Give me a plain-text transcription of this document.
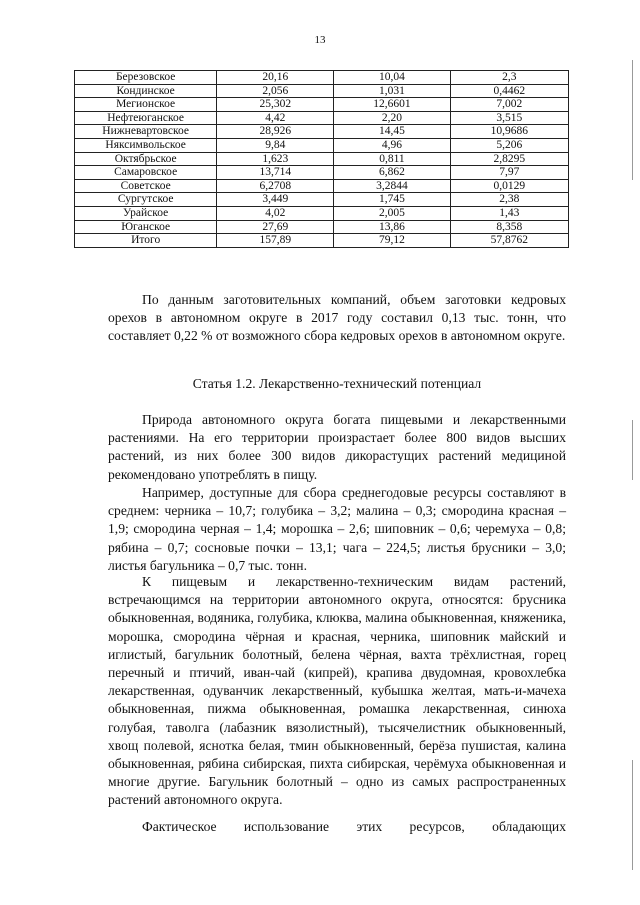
13
Березовское	20,16	10,04	2,3
Кондинское	2,056	1,031	0,4462
Мегионское	25,302	12,6601	7,002
Нефтеюганское	4,42	2,20	3,515
Нижневартовское	28,926	14,45	10,9686
Няксимвольское	9,84	4,96	5,206
Октябрьское	1,623	0,811	2,8295
Самаровское	13,714	6,862	7,97
Советское	6,2708	3,2844	0,0129
Сургутское	3,449	1,745	2,38
Урайское	4,02	2,005	1,43
Юганское	27,69	13,86	8,358
Итого	157,89	79,12	57,8762

По данным заготовительных компаний, объем заготовки кедровых орехов в автономном округе в 2017 году составил 0,13 тыс. тонн, что составляет 0,22 % от возможного сбора кедровых орехов в автономном округе.

Статья 1.2. Лекарственно-технический потенциал

Природа автономного округа богата пищевыми и лекарственными растениями. На его территории произрастает более 800 видов высших растений, из них более 300 видов дикорастущих растений медициной рекомендовано употреблять в пищу.

Например, доступные для сбора среднегодовые ресурсы составляют в среднем: черника – 10,7; голубика – 3,2; малина – 0,3; смородина красная – 1,9; смородина черная – 1,4; морошка – 2,6; шиповник – 0,6; черемуха – 0,8; рябина – 0,7; сосновые почки – 13,1; чага – 224,5; листья брусники – 3,0; листья багульника – 0,7 тыс. тонн.

К пищевым и лекарственно-техническим видам растений, встречающимся на территории автономного округа, относятся: брусника обыкновенная, водяника, голубика, клюква, малина обыкновенная, княженика, морошка, смородина чёрная и красная, черника, шиповник майский и иглистый, багульник болотный, белена чёрная, вахта трёхлистная, горец перечный и птичий, иван-чай (кипрей), крапива двудомная, кровохлебка лекарственная, одуванчик лекарственный, кубышка желтая, мать-и-мачеха обыкновенная, пижма обыкновенная, ромашка лекарственная, синюха голубая, таволга (лабазник вязолистный), тысячелистник обыкновенный, хвощ полевой, яснотка белая, тмин обыкновенный, берёза пушистая, калина обыкновенная, рябина сибирская, пихта сибирская, черёмуха обыкновенная и многие другие. Багульник болотный – одно из самых распространенных растений автономного округа.

Фактическое использование этих ресурсов, обладающих
